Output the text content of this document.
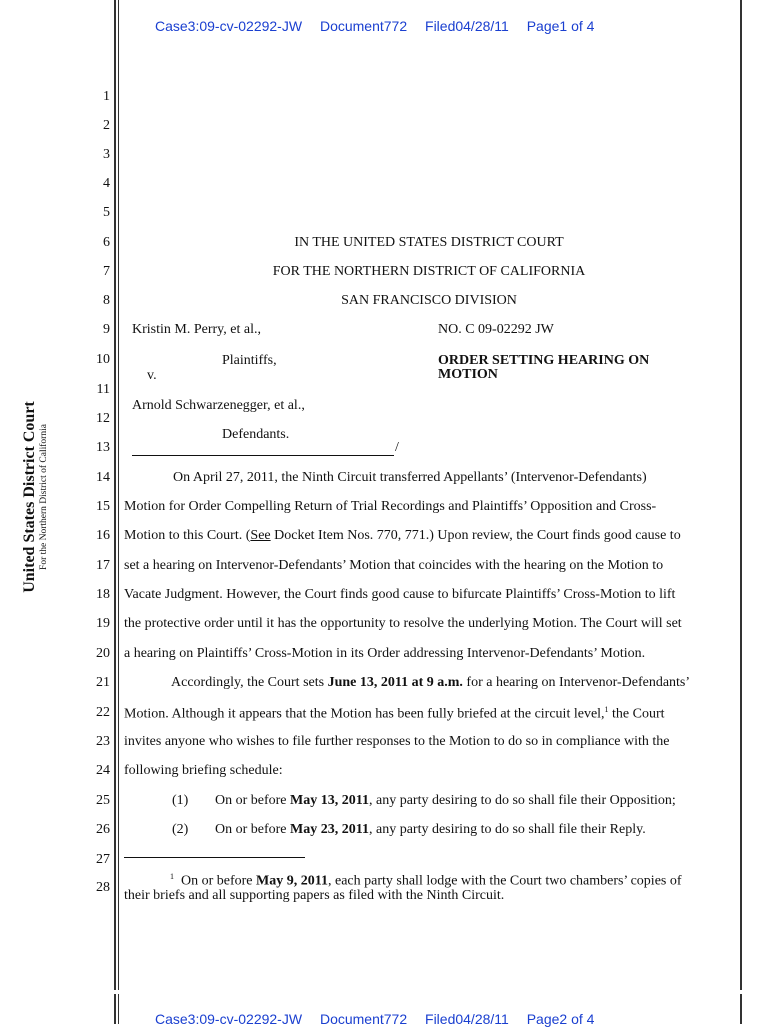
Case3:09-cv-02292-JW Document772 Filed04/28/11 Page1 of 4
United States District Court For the Northern District of California
1
2
3
4
5
6
7
8
9
10
11
12
13
14
15
16
17
18
19
20
21
22
23
24
25
26
27
28
IN THE UNITED STATES DISTRICT COURT
FOR THE NORTHERN DISTRICT OF CALIFORNIA
SAN FRANCISCO DIVISION
Kristin M. Perry, et al.,	NO. C 09-02292 JW
Plaintiffs,	ORDER SETTING HEARING ON
MOTION
v.
Arnold Schwarzenegger, et al.,
Defendants.
/
On April 27, 2011, the Ninth Circuit transferred Appellants’ (Intervenor-Defendants)
Motion for Order Compelling Return of Trial Recordings and Plaintiffs’ Opposition and Cross-
Motion to this Court. (See Docket Item Nos. 770, 771.) Upon review, the Court finds good cause to
set a hearing on Intervenor-Defendants’ Motion that coincides with the hearing on the Motion to
Vacate Judgment. However, the Court finds good cause to bifurcate Plaintiffs’ Cross-Motion to lift
the protective order until it has the opportunity to resolve the underlying Motion. The Court will set
a hearing on Plaintiffs’ Cross-Motion in its Order addressing Intervenor-Defendants’ Motion.
Accordingly, the Court sets June 13, 2011 at 9 a.m. for a hearing on Intervenor-Defendants’
Motion. Although it appears that the Motion has been fully briefed at the circuit level,$^1$ the Court
invites anyone who wishes to file further responses to the Motion to do so in compliance with the
following briefing schedule:
(1) On or before May 13, 2011, any party desiring to do so shall file their Opposition;
(2) On or before May 23, 2011, any party desiring to do so shall file their Reply.
$^1$ On or before May 9, 2011, each party shall lodge with the Court two chambers’ copies of
their briefs and all supporting papers as filed with the Ninth Circuit.
Case3:09-cv-02292-JW Document772 Filed04/28/11 Page2 of 4
